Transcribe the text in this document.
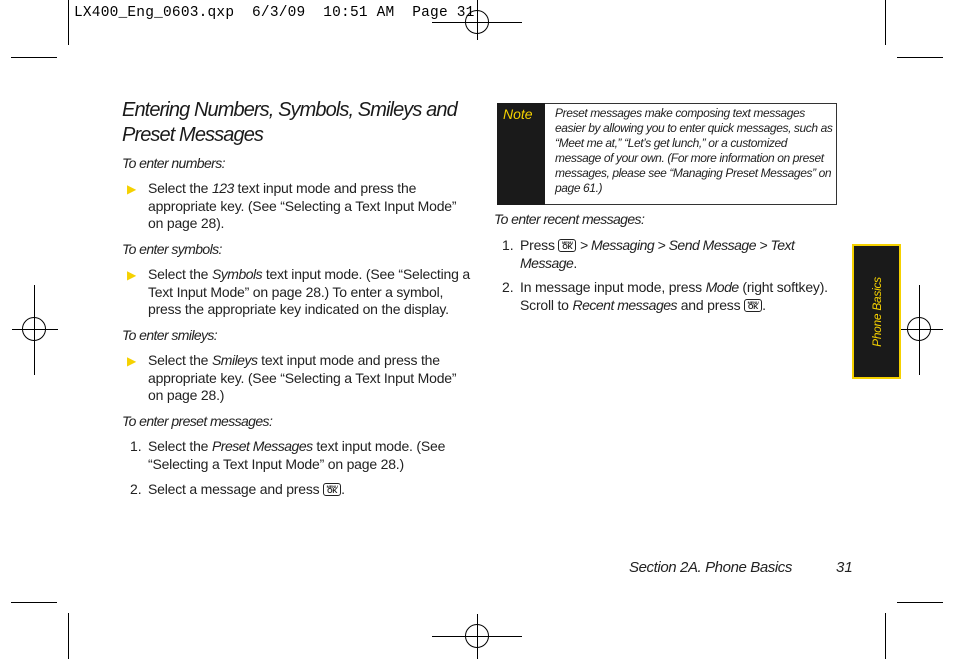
LX400_Eng_0603.qxp  6/3/09  10:51 AM  Page 31
Entering Numbers, Symbols, Smileys and Preset Messages
To enter numbers:
▶ Select the 123 text input mode and press the appropriate key. (See “Selecting a Text Input Mode” on page 28).
To enter symbols:
▶ Select the Symbols text input mode. (See “Selecting a Text Input Mode” on page 28.) To enter a symbol, press the appropriate key indicated on the display.
To enter smileys:
▶ Select the Smileys text input mode and press the appropriate key. (See “Selecting a Text Input Mode” on page 28.)
To enter preset messages:
1. Select the Preset Messages text input mode. (See “Selecting a Text Input Mode” on page 28.)
2. Select a message and press MENU
OK .
Note Preset messages make composing text messages easier by allowing you to enter quick messages, such as “Meet me at,” “Let’s get lunch,” or a customized message of your own. (For more information on preset messages, please see “Managing Preset Messages” on page 61.)
To enter recent messages:
1. Press MENU
OK > Messaging > Send Message > Text Message.
2. In message input mode, press Mode (right softkey). Scroll to Recent messages and press MENU
OK .	Phone Basics
Section 2A. Phone Basics	31
